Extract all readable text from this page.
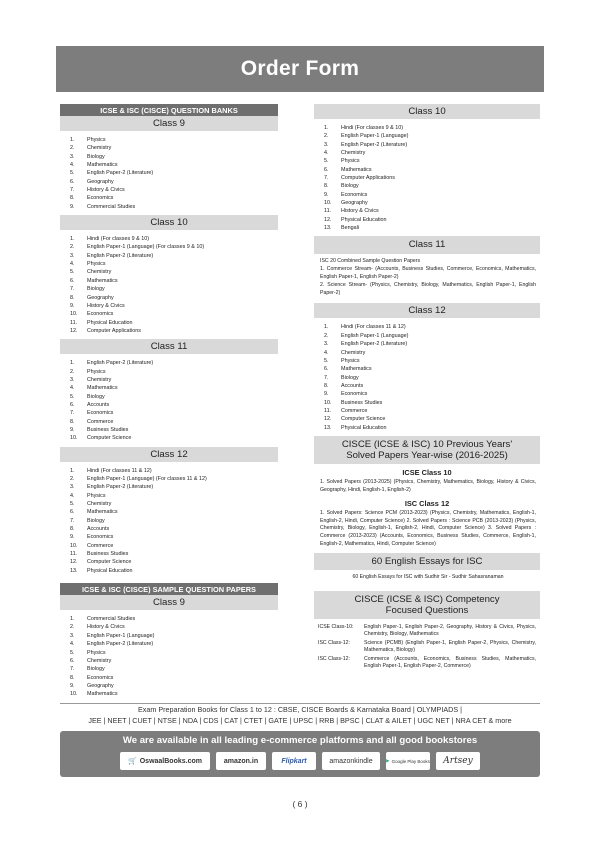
Order Form
ICSE & ISC (CISCE) QUESTION BANKS
Class 9
1.	Physics
2.	Chemistry
3.	Biology
4.	Mathematics
5.	English Paper-2 (Literature)
6.	Geography
7.	History & Civics
8.	Economics
9.	Commercial Studies
Class 10
1.	Hindi (For classes 9 & 10)
2.	English Paper-1 (Language) (For classes 9 & 10)
3.	English Paper-2 (Literature)
4.	Physics
5.	Chemistry
6.	Mathematics
7.	Biology
8.	Geography
9.	History & Civics
10.	Economics
11.	Physical Education
12.	Computer Applications
Class 11
1.	English Paper-2 (Literature)
2.	Physics
3.	Chemistry
4.	Mathematics
5.	Biology
6.	Accounts
7.	Economics
8.	Commerce
9.	Business Studies
10.	Computer Science
Class 12
1.	Hindi (For classes 11 & 12)
2.	English Paper-1 (Language) (For classes 11 & 12)
3.	English Paper-2 (Literature)
4.	Physics
5.	Chemistry
6.	Mathematics
7.	Biology
8.	Accounts
9.	Economics
10.	Commerce
11.	Business Studies
12.	Computer Science
13.	Physical Education
ICSE & ISC (CISCE) SAMPLE QUESTION PAPERS
Class 9
1.	Commercial Studies
2.	History & Civics
3.	English Paper-1 (Language)
4.	English Paper-2 (Literature)
5.	Physics
6.	Chemistry
7.	Biology
8.	Economics
9.	Geography
10.	Mathematics
Class 10
1.	Hindi (For classes 9 & 10)
2.	English Paper-1 (Language)
3.	English Paper-2 (Literature)
4.	Chemistry
5.	Physics
6.	Mathematics
7.	Computer Applications
8.	Biology
9.	Economics
10.	Geography
11.	History & Civics
12.	Physical Education
13.	Bengali
Class 11

ISC 20 Combined Sample Question Papers

1. Commerce Stream- (Accounts, Business Studies, Commerce, Economics, Mathematics, English Paper-1, English Paper-2)

2. Science Stream- (Physics, Chemistry, Biology, Mathematics, English Paper-1, English Paper-2)

Class 12
1.	Hindi (For classes 11 & 12)
2.	English Paper-1 (Language)
3.	English Paper-2 (Literature)
4.	Chemistry
5.	Physics
6.	Mathematics
7.	Biology
8.	Accounts
9.	Economics
10.	Business Studies
11.	Commerce
12.	Computer Science
13.	Physical Education
CISCE (ICSE & ISC) 10 Previous Years'
Solved Papers Year-wise (2016-2025)
ICSE Class 10
1. Solved Papers (2013-2025) (Physics, Chemistry, Mathematics, Biology, History & Civics, Geography, Hindi, English-1, English-2)
ISC Class 12
1. Solved Papers: Science PCM (2013-2023) (Physics, Chemistry, Mathematics, English-1, English-2, Hindi, Computer Science) 2. Solved Papers : Science PCB (2013-2023) (Physics, Chemistry, Biology, English-1, English-2, Hindi, Computer Science) 3. Solved Papers : Commerce (2013-2023) (Accounts, Economics, Business Studies, Commerce, English-1, English-2, Mathematics, Hindi, Computer Science)
60 English Essays for ISC
60 English Essays for ISC with Sudhir Sir - Sudhir Sahasranaman
CISCE (ICSE & ISC) Competency
Focused Questions
ICSE Class-10:	English Paper-1, English Paper-2, Geography, History & Civics, Physics, Chemistry, Biology, Mathematics
ISC Class-12:	Science (PCMB) (English Paper-1, English Paper-2, Physics, Chemistry, Mathematics, Biology)
ISC Class-12:	Commerce (Accounts, Economics, Business Studies, Mathematics, English Paper-1, English Paper-2, Commerce)
Exam Preparation Books for Class 1 to 12 : CBSE, CISCE Boards & Karnataka Board | OLYMPIADS |
JEE | NEET | CUET | NTSE | NDA | CDS | CAT | CTET | GATE | UPSC | RRB | BPSC | CLAT & AILET | UGC NET | NRA CET & more
We are available in all leading e-commerce platforms and all good bookstores
🛒 OswaalBooks.com	amazon.in	Flipkart	amazonkindle	▶ Google Play Books	Artsey
( 6 )
